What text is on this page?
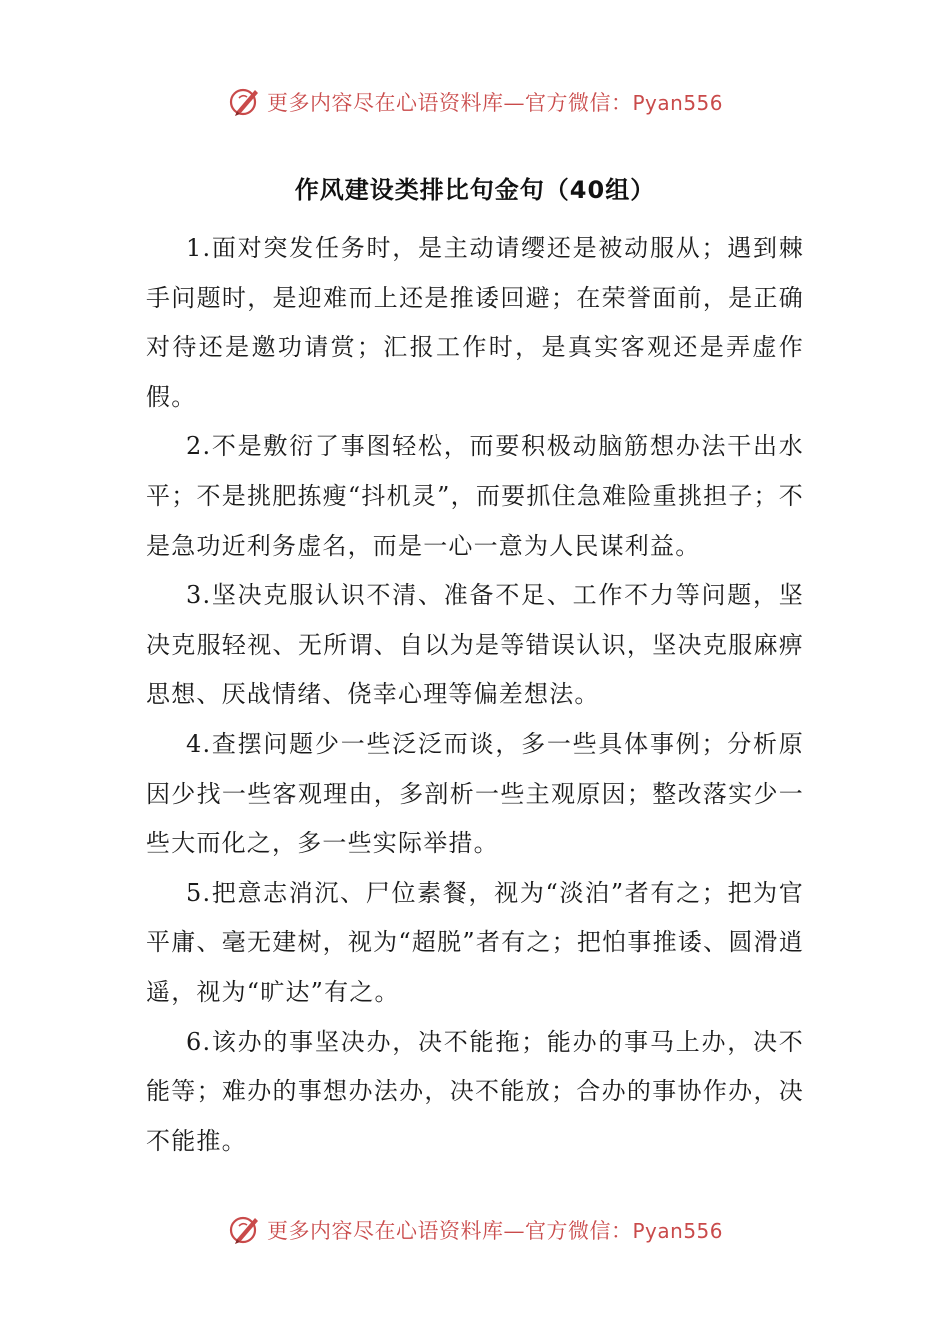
更多内容尽在心语资料库—官方微信：Pyan556
作风建设类排比句金句（40组）

1.面对突发任务时，是主动请缨还是被动服从；遇到棘手问题时，是迎难而上还是推诿回避；在荣誉面前，是正确对待还是邀功请赏；汇报工作时，是真实客观还是弄虚作假。

2.不是敷衍了事图轻松，而要积极动脑筋想办法干出水平；不是挑肥拣瘦“抖机灵”，而要抓住急难险重挑担子；不是急功近利务虚名，而是一心一意为人民谋利益。

3.坚决克服认识不清、准备不足、工作不力等问题，坚决克服轻视、无所谓、自以为是等错误认识，坚决克服麻痹思想、厌战情绪、侥幸心理等偏差想法。

4.查摆问题少一些泛泛而谈，多一些具体事例；分析原因少找一些客观理由，多剖析一些主观原因；整改落实少一些大而化之，多一些实际举措。

5.把意志消沉、尸位素餐，视为“淡泊”者有之；把为官平庸、毫无建树，视为“超脱”者有之；把怕事推诿、圆滑逍遥，视为“旷达”有之。

6.该办的事坚决办，决不能拖；能办的事马上办，决不能等；难办的事想办法办，决不能放；合办的事协作办，决不能推。

更多内容尽在心语资料库—官方微信：Pyan556
